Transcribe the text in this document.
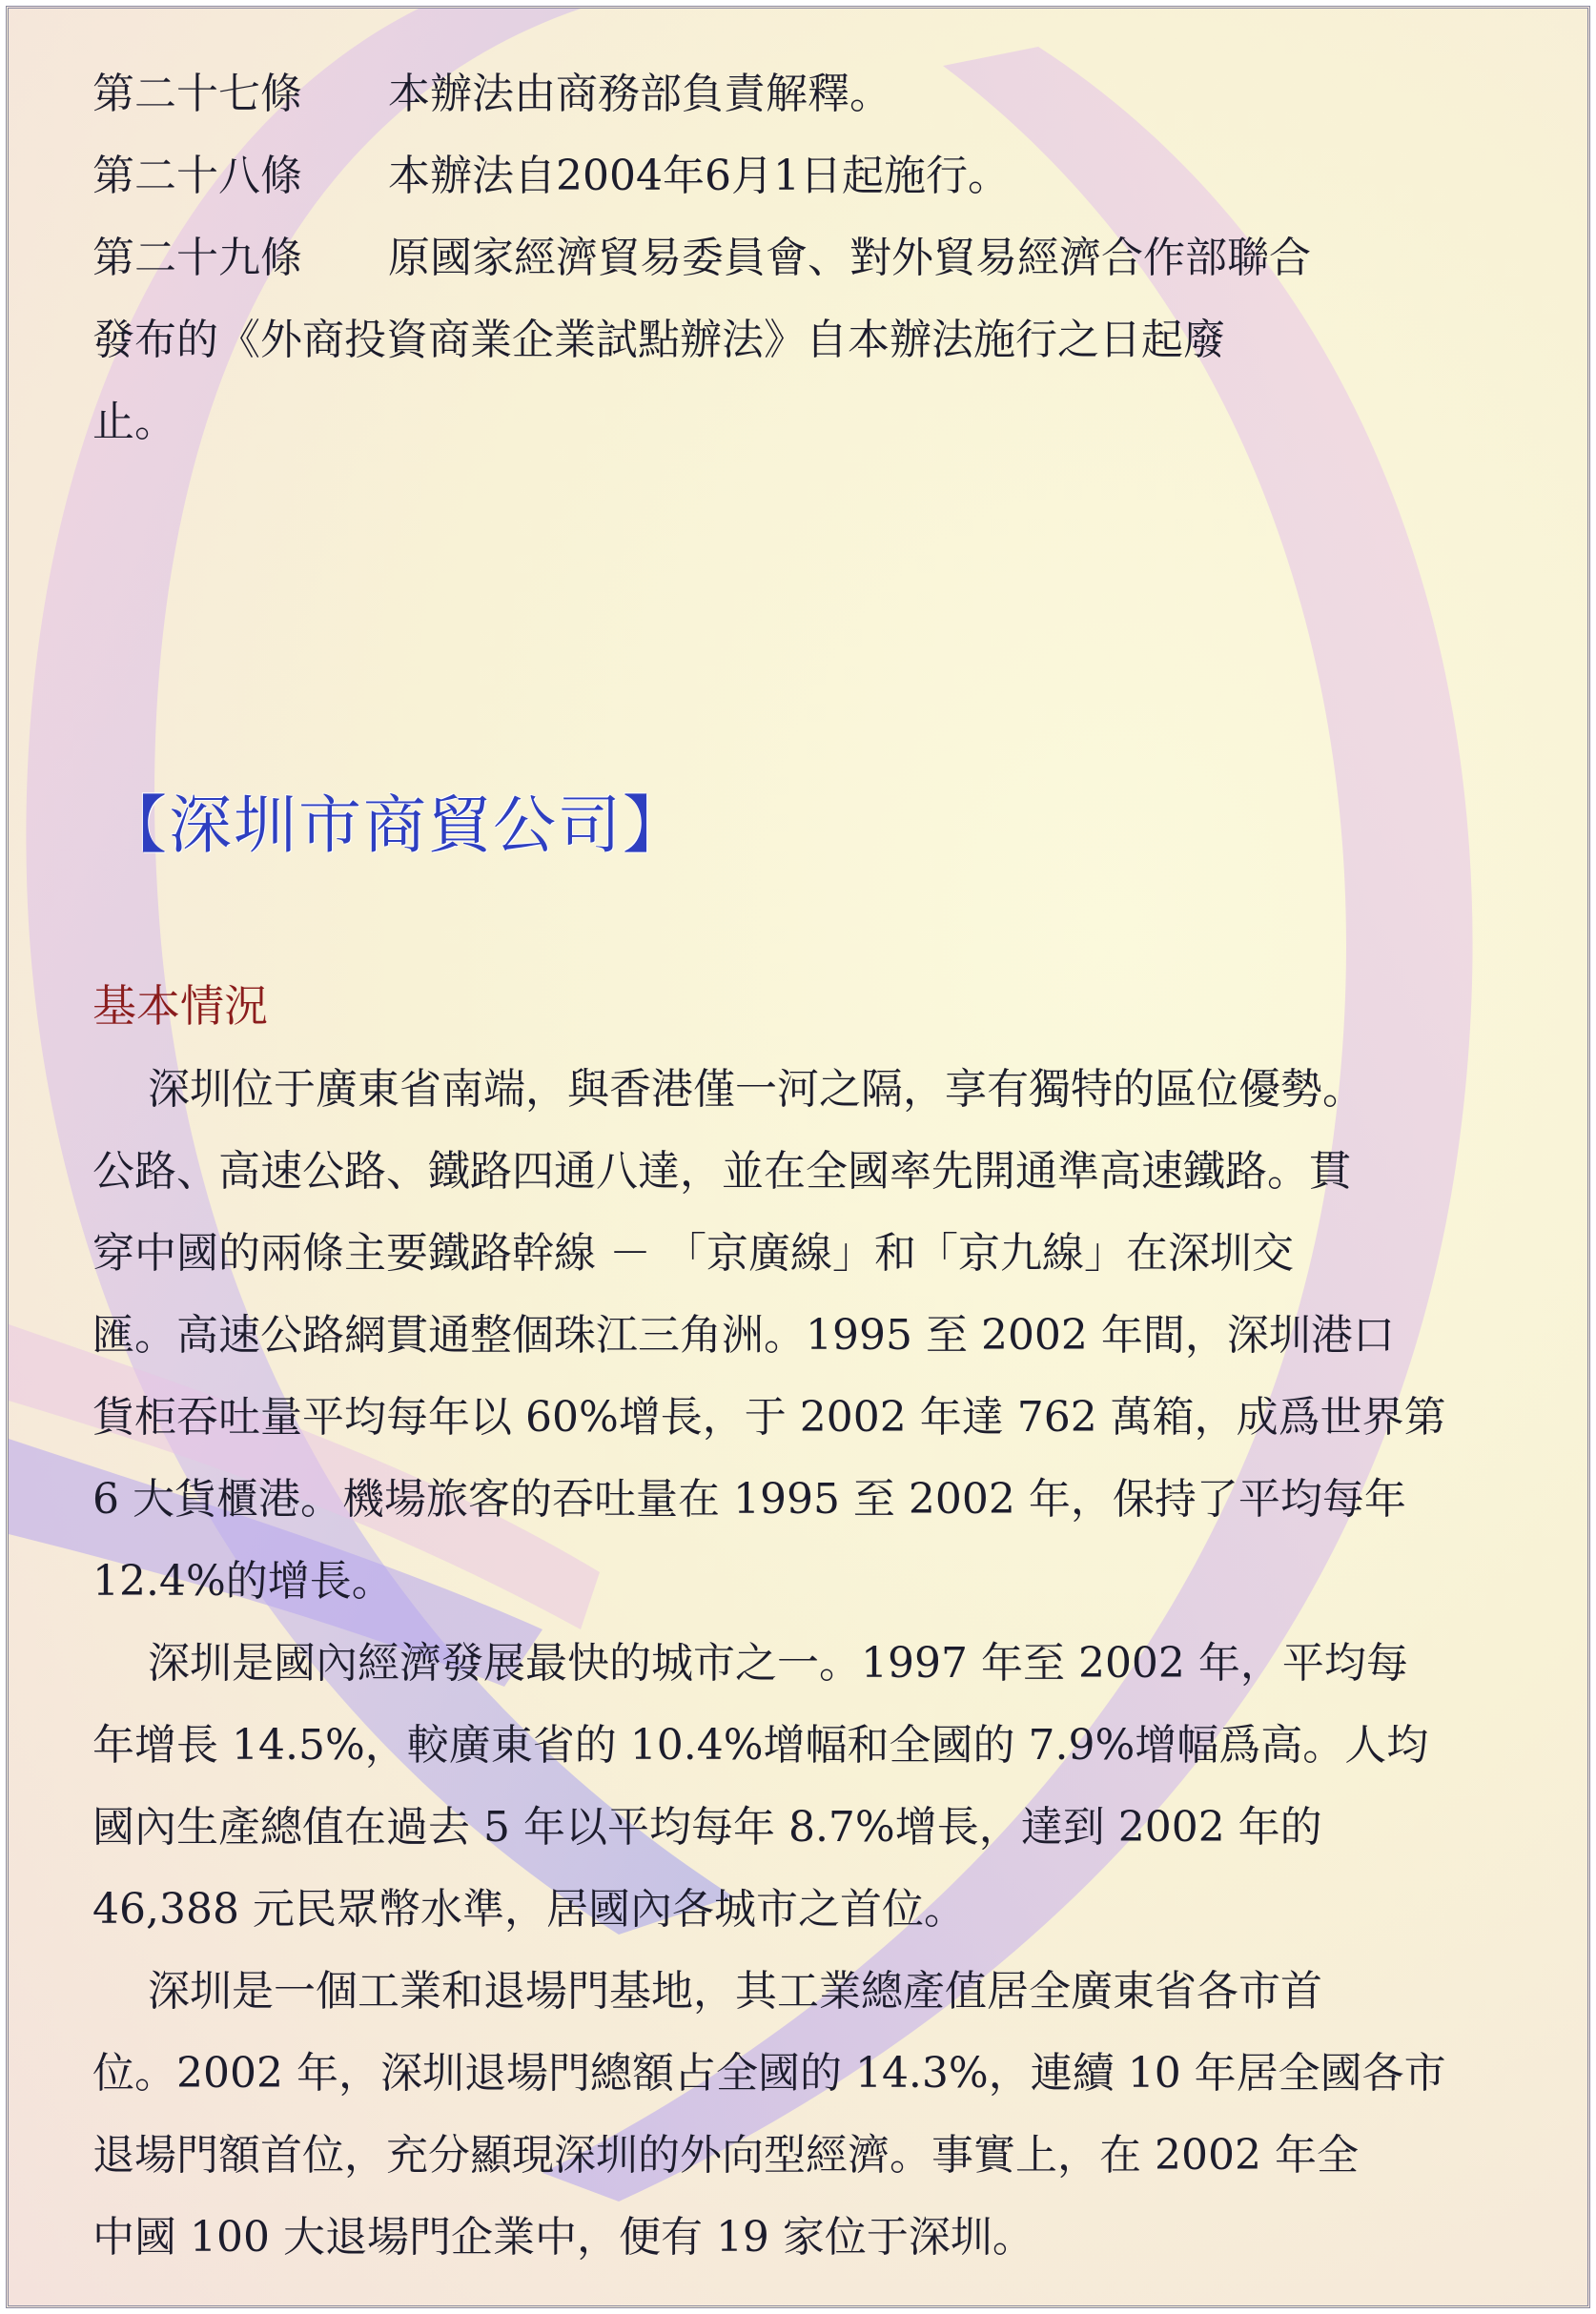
第二十七條 本辦法由商務部負責解釋。
第二十八條 本辦法自2004年6月1日起施行。
第二十九條 原國家經濟貿易委員會、對外貿易經濟合作部聯合
發布的《外商投資商業企業試點辦法》自本辦法施行之日起廢
止。
【深圳市商貿公司】
基本情況
深圳位于廣東省南端，與香港僅一河之隔，享有獨特的區位優勢。
公路、高速公路、鐵路四通八達，並在全國率先開通準高速鐵路。貫
穿中國的兩條主要鐵路幹線 － 「京廣線」和「京九線」在深圳交
匯。高速公路網貫通整個珠江三角洲。1995 至 2002 年間，深圳港口
貨柜吞吐量平均每年以 60%增長，于 2002 年達 762 萬箱，成爲世界第
6 大貨櫃港。機場旅客的吞吐量在 1995 至 2002 年，保持了平均每年
12.4%的增長。
深圳是國內經濟發展最快的城市之一。1997 年至 2002 年，平均每
年增長 14.5%，較廣東省的 10.4%增幅和全國的 7.9%增幅爲高。人均
國內生產總值在過去 5 年以平均每年 8.7%增長，達到 2002 年的
46,388 元民眾幣水準，居國內各城市之首位。
深圳是一個工業和退場門基地，其工業總產值居全廣東省各市首
位。2002 年，深圳退場門總額占全國的 14.3%，連續 10 年居全國各市
退場門額首位，充分顯現深圳的外向型經濟。事實上，在 2002 年全
中國 100 大退場門企業中，便有 19 家位于深圳。
